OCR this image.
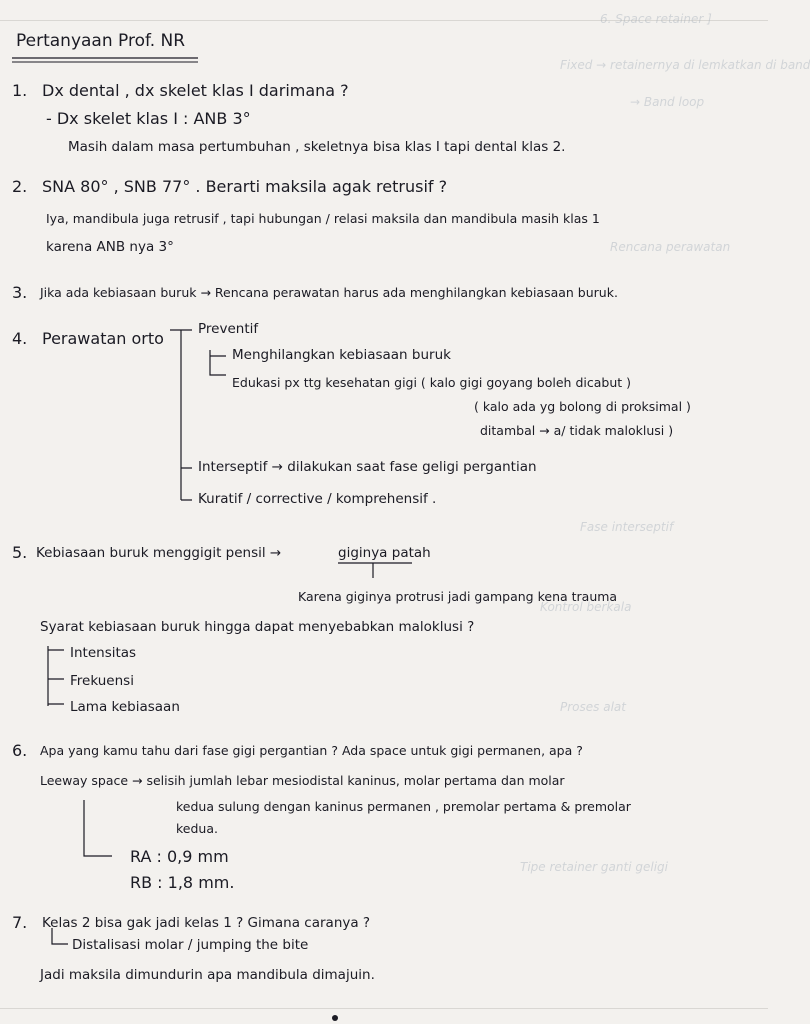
6. Space retainer ]
Fixed → retainernya di lemkatkan di band
→ Band loop
Rencana perawatan
Fase interseptif
Kontrol berkala
Proses alat
Tipe retainer ganti geligi
Pertanyaan Prof. NR
1. Dx dental , dx skelet klas I darimana ?
- Dx skelet klas I : ANB 3°
Masih dalam masa pertumbuhan , skeletnya bisa klas I tapi dental klas 2.
2. SNA 80° , SNB 77° . Berarti maksila agak retrusif ?
Iya, mandibula juga retrusif , tapi hubungan / relasi maksila dan mandibula masih klas 1
karena ANB nya 3°
3. Jika ada kebiasaan buruk → Rencana perawatan harus ada menghilangkan kebiasaan buruk.
4. Perawatan orto	Preventif
Menghilangkan kebiasaan buruk
Edukasi px ttg kesehatan gigi ( kalo gigi goyang boleh dicabut )
( kalo ada yg bolong di proksimal )
ditambal → a/ tidak maloklusi )
Interseptif → dilakukan saat fase geligi pergantian
Kuratif / corrective / komprehensif .
5. Kebiasaan buruk menggigit pensil →	giginya patah
Karena giginya protrusi jadi gampang kena trauma
Syarat kebiasaan buruk hingga dapat menyebabkan maloklusi ?
Intensitas
Frekuensi
Lama kebiasaan
6. Apa yang kamu tahu dari fase gigi pergantian ? Ada space untuk gigi permanen, apa ?
Leeway space → selisih jumlah lebar mesiodistal kaninus, molar pertama dan molar
kedua sulung dengan kaninus permanen , premolar pertama & premolar
kedua.
RA : 0,9 mm
RB : 1,8 mm.
7. Kelas 2 bisa gak jadi kelas 1 ? Gimana caranya ?
Distalisasi molar / jumping the bite
Jadi maksila dimundurin apa mandibula dimajuin.
